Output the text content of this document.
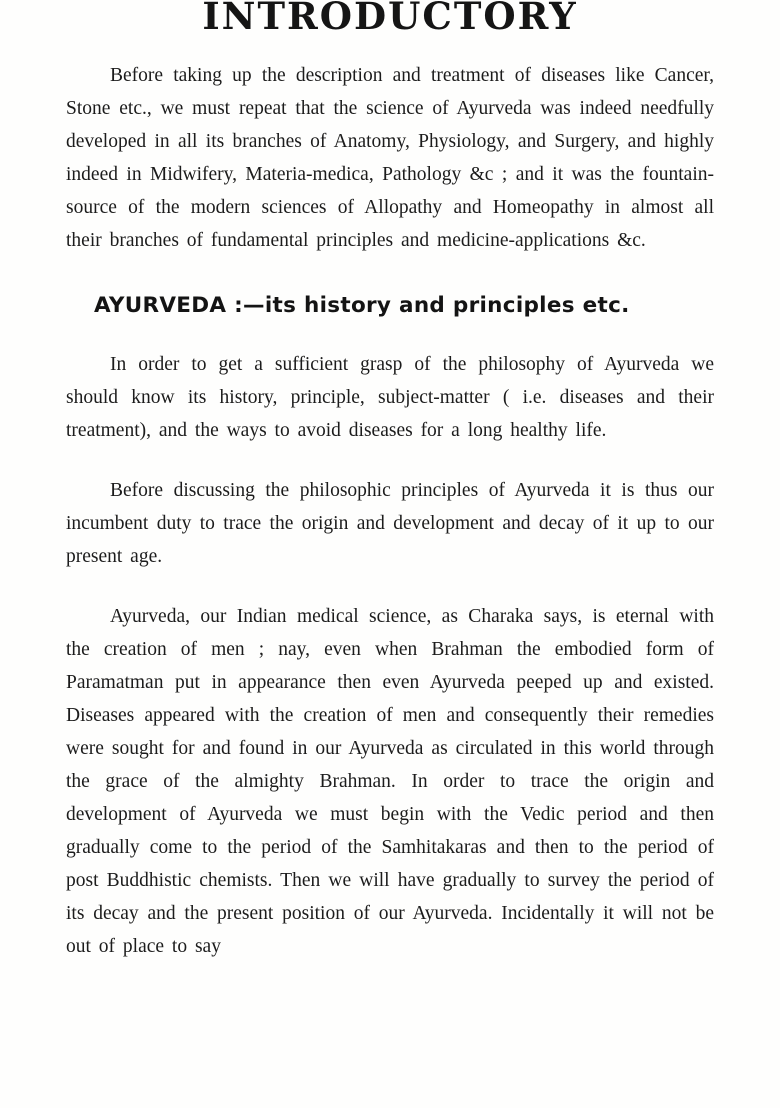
INTRODUCTORY

Before taking up the description and treatment of diseases like Cancer, Stone etc., we must repeat that the science of Ayurveda was indeed needfully developed in all its branches of Anatomy, Physiology, and Surgery, and highly indeed in Midwifery, Materia-medica, Pathology &c ; and it was the fountain-source of the modern sciences of Allopathy and Homeopathy in almost all their branches of fundamental principles and medicine-applications &c.

AYURVEDA :—its history and principles etc.

In order to get a sufficient grasp of the philosophy of Ayurveda we should know its history, principle, subject-matter ( i.e. diseases and their treatment), and the ways to avoid diseases for a long healthy life.

Before discussing the philosophic principles of Ayurveda it is thus our incumbent duty to trace the origin and development and decay of it up to our present age.

Ayurveda, our Indian medical science, as Charaka says, is eternal with the creation of men ; nay, even when Brahman the embodied form of Paramatman put in appearance then even Ayurveda peeped up and existed. Diseases appeared with the creation of men and consequently their remedies were sought for and found in our Ayurveda as circulated in this world through the grace of the almighty Brahman. In order to trace the origin and development of Ayurveda we must begin with the Vedic period and then gradually come to the period of the Samhitakaras and then to the period of post Buddhistic chemists. Then we will have gradually to survey the period of its decay and the present position of our Ayurveda. Incidentally it will not be out of place to say
